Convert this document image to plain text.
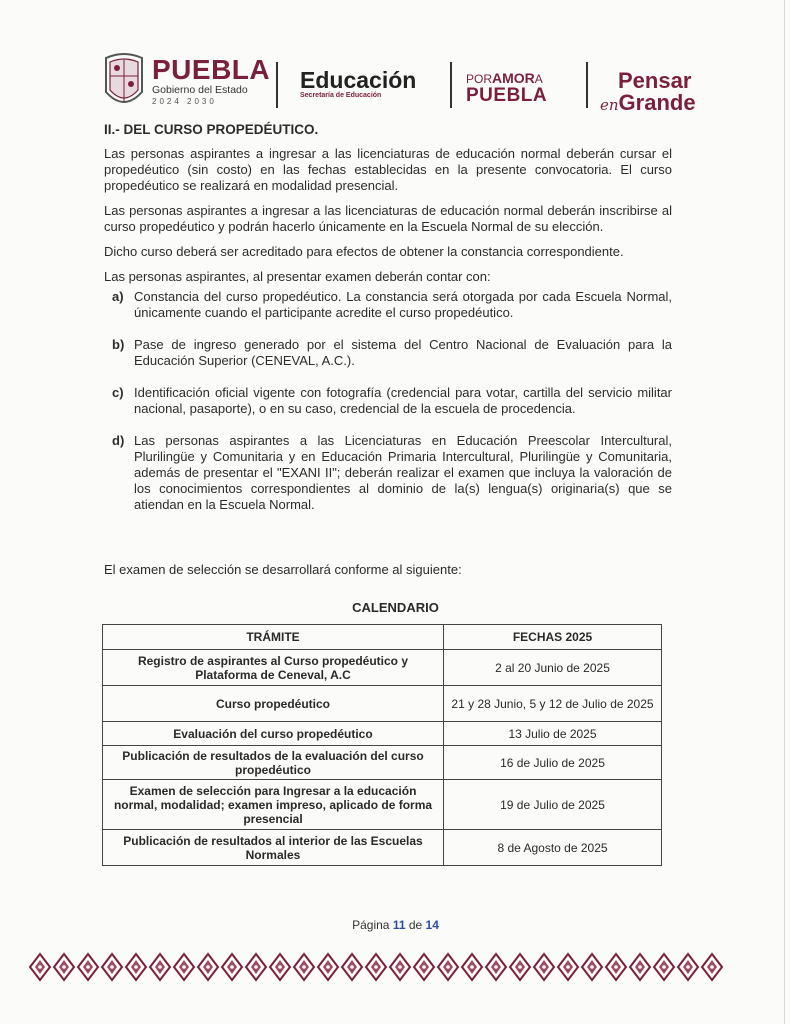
PUEBLA
Gobierno del Estado
2024 2030
Educación
Secretaría de Educación
PORAMORA
PUEBLA
Pensar
enGrande
II.- DEL CURSO PROPEDÉUTICO.

Las personas aspirantes a ingresar a las licenciaturas de educación normal deberán cursar el propedéutico (sin costo) en las fechas establecidas en la presente convocatoria. El curso propedéutico se realizará en modalidad presencial.

Las personas aspirantes a ingresar a las licenciaturas de educación normal deberán inscribirse al curso propedéutico y podrán hacerlo únicamente en la Escuela Normal de su elección.

Dicho curso deberá ser acreditado para efectos de obtener la constancia correspondiente.

Las personas aspirantes, al presentar examen deberán contar con:

a) Constancia del curso propedéutico. La constancia será otorgada por cada Escuela Normal, únicamente cuando el participante acredite el curso propedéutico.
b) Pase de ingreso generado por el sistema del Centro Nacional de Evaluación para la Educación Superior (CENEVAL, A.C.).
c) Identificación oficial vigente con fotografía (credencial para votar, cartilla del servicio militar nacional, pasaporte), o en su caso, credencial de la escuela de procedencia.
d) Las personas aspirantes a las Licenciaturas en Educación Preescolar Intercultural, Plurilingüe y Comunitaria y en Educación Primaria Intercultural, Plurilingüe y Comunitaria, además de presentar el "EXANI II"; deberán realizar el examen que incluya la valoración de los conocimientos correspondientes al dominio de la(s) lengua(s) originaria(s) que se atiendan en la Escuela Normal.
El examen de selección se desarrollará conforme al siguiente:
CALENDARIO
TRÁMITE	FECHAS 2025
Registro de aspirantes al Curso propedéutico y Plataforma de Ceneval, A.C	2 al 20 Junio de 2025
Curso propedéutico	21 y 28 Junio, 5 y 12 de Julio de 2025
Evaluación del curso propedéutico	13 Julio de 2025
Publicación de resultados de la evaluación del curso propedéutico	16 de Julio de 2025
Examen de selección para Ingresar a la educación normal, modalidad; examen impreso, aplicado de forma presencial	19 de Julio de 2025
Publicación de resultados al interior de las Escuelas Normales	8 de Agosto de 2025
Página 11 de 14
